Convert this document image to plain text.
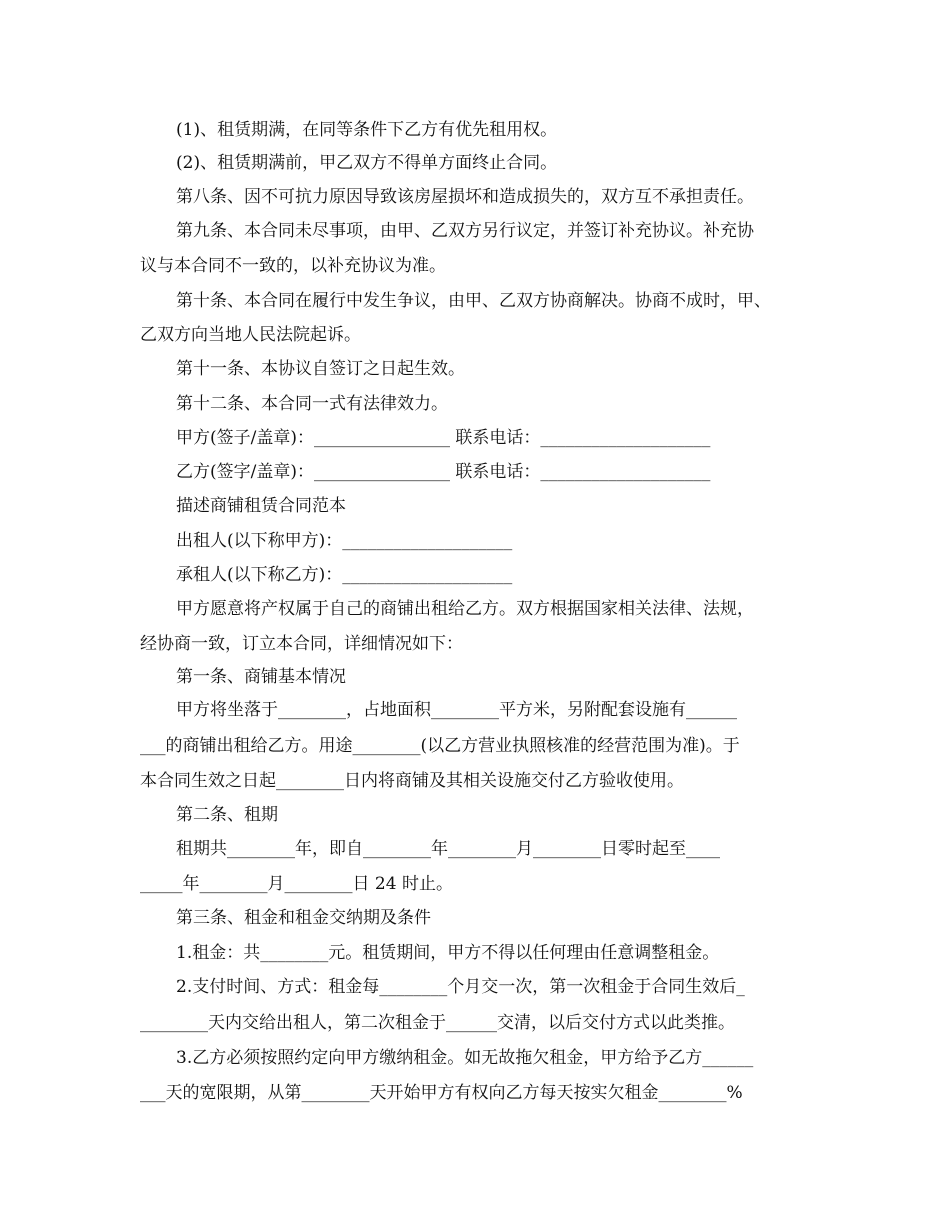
(1)、租赁期满，在同等条件下乙方有优先租用权。
(2)、租赁期满前，甲乙双方不得单方面终止合同。
第八条、因不可抗力原因导致该房屋损坏和造成损失的，双方互不承担责任。
第九条、本合同未尽事项，由甲、乙双方另行议定，并签订补充协议。补充协
议与本合同不一致的，以补充协议为准。
第十条、本合同在履行中发生争议，由甲、乙双方协商解决。协商不成时，甲、
乙双方向当地人民法院起诉。
第十一条、本协议自签订之日起生效。
第十二条、本合同一式有法律效力。
甲方(签子/盖章)：________________ 联系电话：____________________
乙方(签字/盖章)：________________ 联系电话：____________________
描述商铺租赁合同范本
出租人(以下称甲方)：____________________
承租人(以下称乙方)：____________________
甲方愿意将产权属于自己的商铺出租给乙方。双方根据国家相关法律、法规，
经协商一致，订立本合同，详细情况如下：
第一条、商铺基本情况
甲方将坐落于________，占地面积________平方米，另附配套设施有______
___的商铺出租给乙方。用途________(以乙方营业执照核准的经营范围为准)。于
本合同生效之日起________日内将商铺及其相关设施交付乙方验收使用。
第二条、租期
租期共________年，即自________年________月________日零时起至____
_____年________月________日 24 时止。
第三条、租金和租金交纳期及条件
1.租金：共________元。租赁期间，甲方不得以任何理由任意调整租金。
2.支付时间、方式：租金每________个月交一次，第一次租金于合同生效后_
________天内交给出租人，第二次租金于______交清，以后交付方式以此类推。
3.乙方必须按照约定向甲方缴纳租金。如无故拖欠租金，甲方给予乙方______
___天的宽限期，从第________天开始甲方有权向乙方每天按实欠租金________%
